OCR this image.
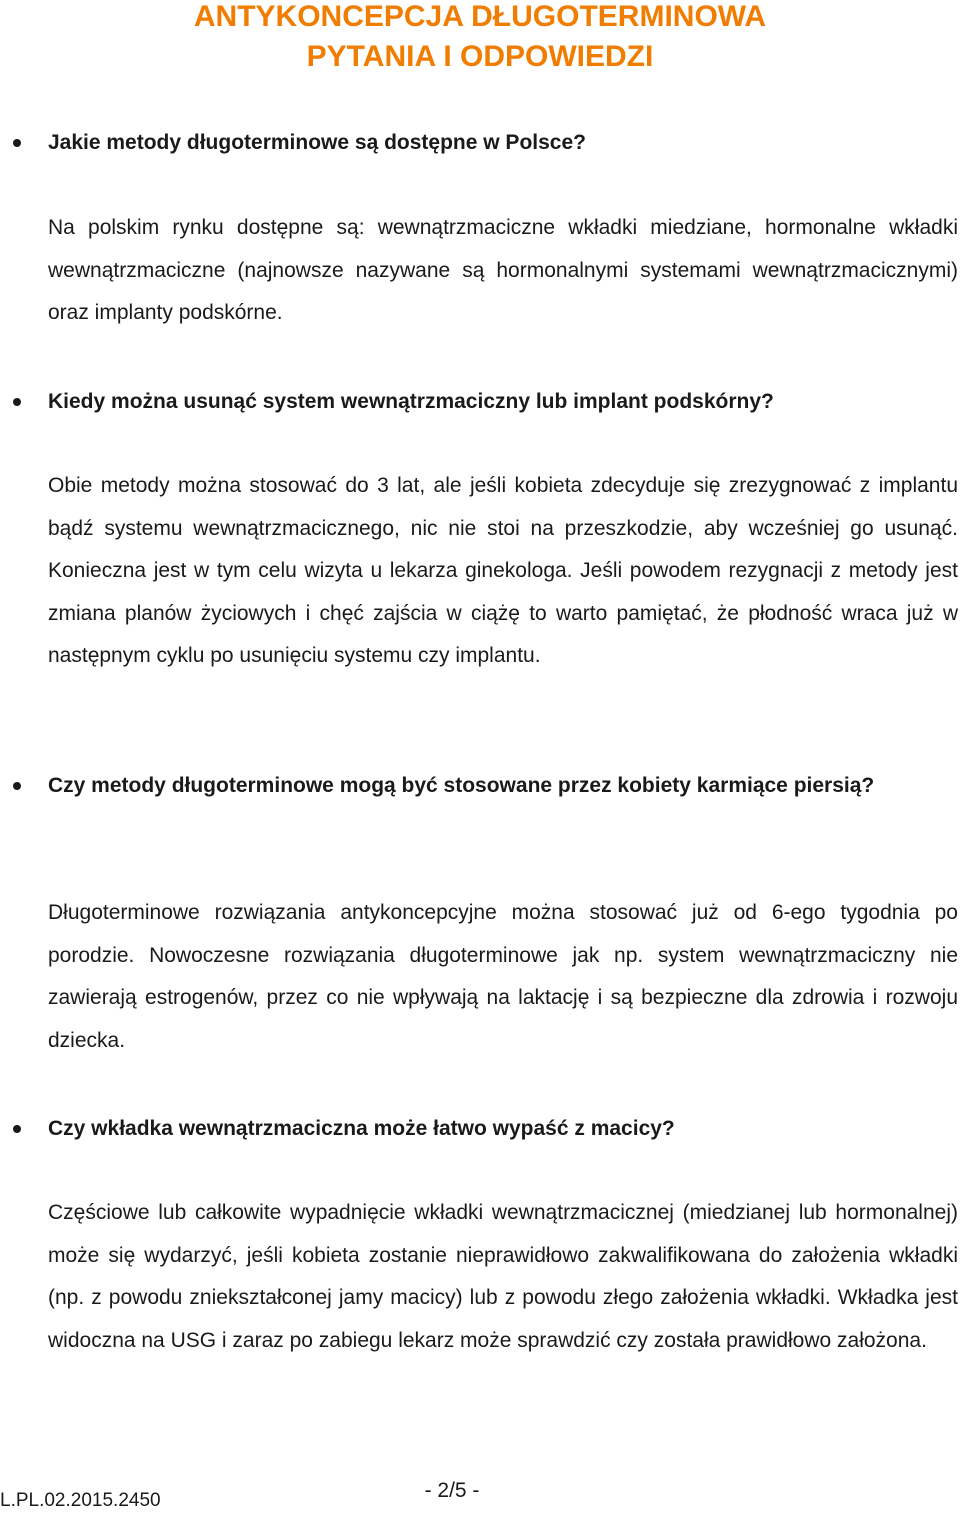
ANTYKONCEPCJA DŁUGOTERMINOWA
PYTANIA I ODPOWIEDZI

Jakie metody długoterminowe są dostępne w Polsce?

Na polskim rynku dostępne są: wewnątrzmaciczne wkładki miedziane, hormonalne wkładki wewnątrzmaciczne (najnowsze nazywane są hormonalnymi systemami wewnątrzmacicznymi) oraz implanty podskórne.

Kiedy można usunąć system wewnątrzmaciczny lub implant podskórny?

Obie metody można stosować do 3 lat, ale jeśli kobieta zdecyduje się zrezygnować z implantu bądź systemu wewnątrzmacicznego, nic nie stoi na przeszkodzie, aby wcześniej go usunąć. Konieczna jest w tym celu wizyta u lekarza ginekologa. Jeśli powodem rezygnacji z metody jest zmiana planów życiowych i chęć zajścia w ciążę to warto pamiętać, że płodność wraca już w następnym cyklu po usunięciu systemu czy implantu.

Czy metody długoterminowe mogą być stosowane przez kobiety karmiące piersią?

Długoterminowe rozwiązania antykoncepcyjne można stosować już od 6-ego tygodnia po porodzie. Nowoczesne rozwiązania długoterminowe jak np. system wewnątrzmaciczny nie zawierają estrogenów, przez co nie wpływają na laktację i są bezpieczne dla zdrowia i rozwoju dziecka.

Czy wkładka wewnątrzmaciczna może łatwo wypaść z macicy?

Częściowe lub całkowite wypadnięcie wkładki wewnątrzmacicznej (miedzianej lub hormonalnej) może się wydarzyć, jeśli kobieta zostanie nieprawidłowo zakwalifikowana do założenia wkładki (np. z powodu zniekształconej jamy macicy) lub z powodu złego założenia wkładki. Wkładka jest widoczna na USG i zaraz po zabiegu lekarz może sprawdzić czy została prawidłowo założona.

L.PL.02.2015.2450	- 2/5 -
